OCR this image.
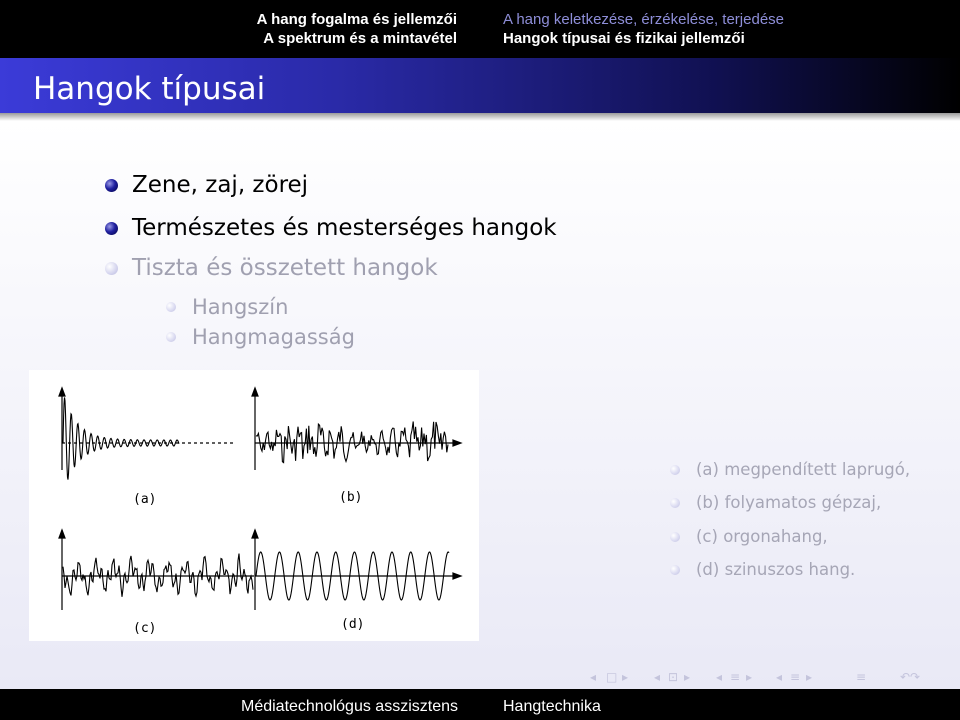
A hang fogalma és jellemzői
A spektrum és a mintavétel
A hang keletkezése, érzékelése, terjedése
Hangok típusai és fizikai jellemzői
Hangok típusai
Zene, zaj, zörej
Természetes és mesterséges hangok
Tiszta és összetett hangok
Hangszín
Hangmagasság
(a)	(b)
(c)	(d)
(a) megpendített laprugó,
(b) folyamatos gépzaj,
(c) orgonahang,
(d) szinuszos hang.
◂ □ ▸ ◂ ⊡ ▸ ◂ ≡ ▸ ◂ ≡ ▸	≡	↶↷
Médiatechnológus asszisztens	Hangtechnika
